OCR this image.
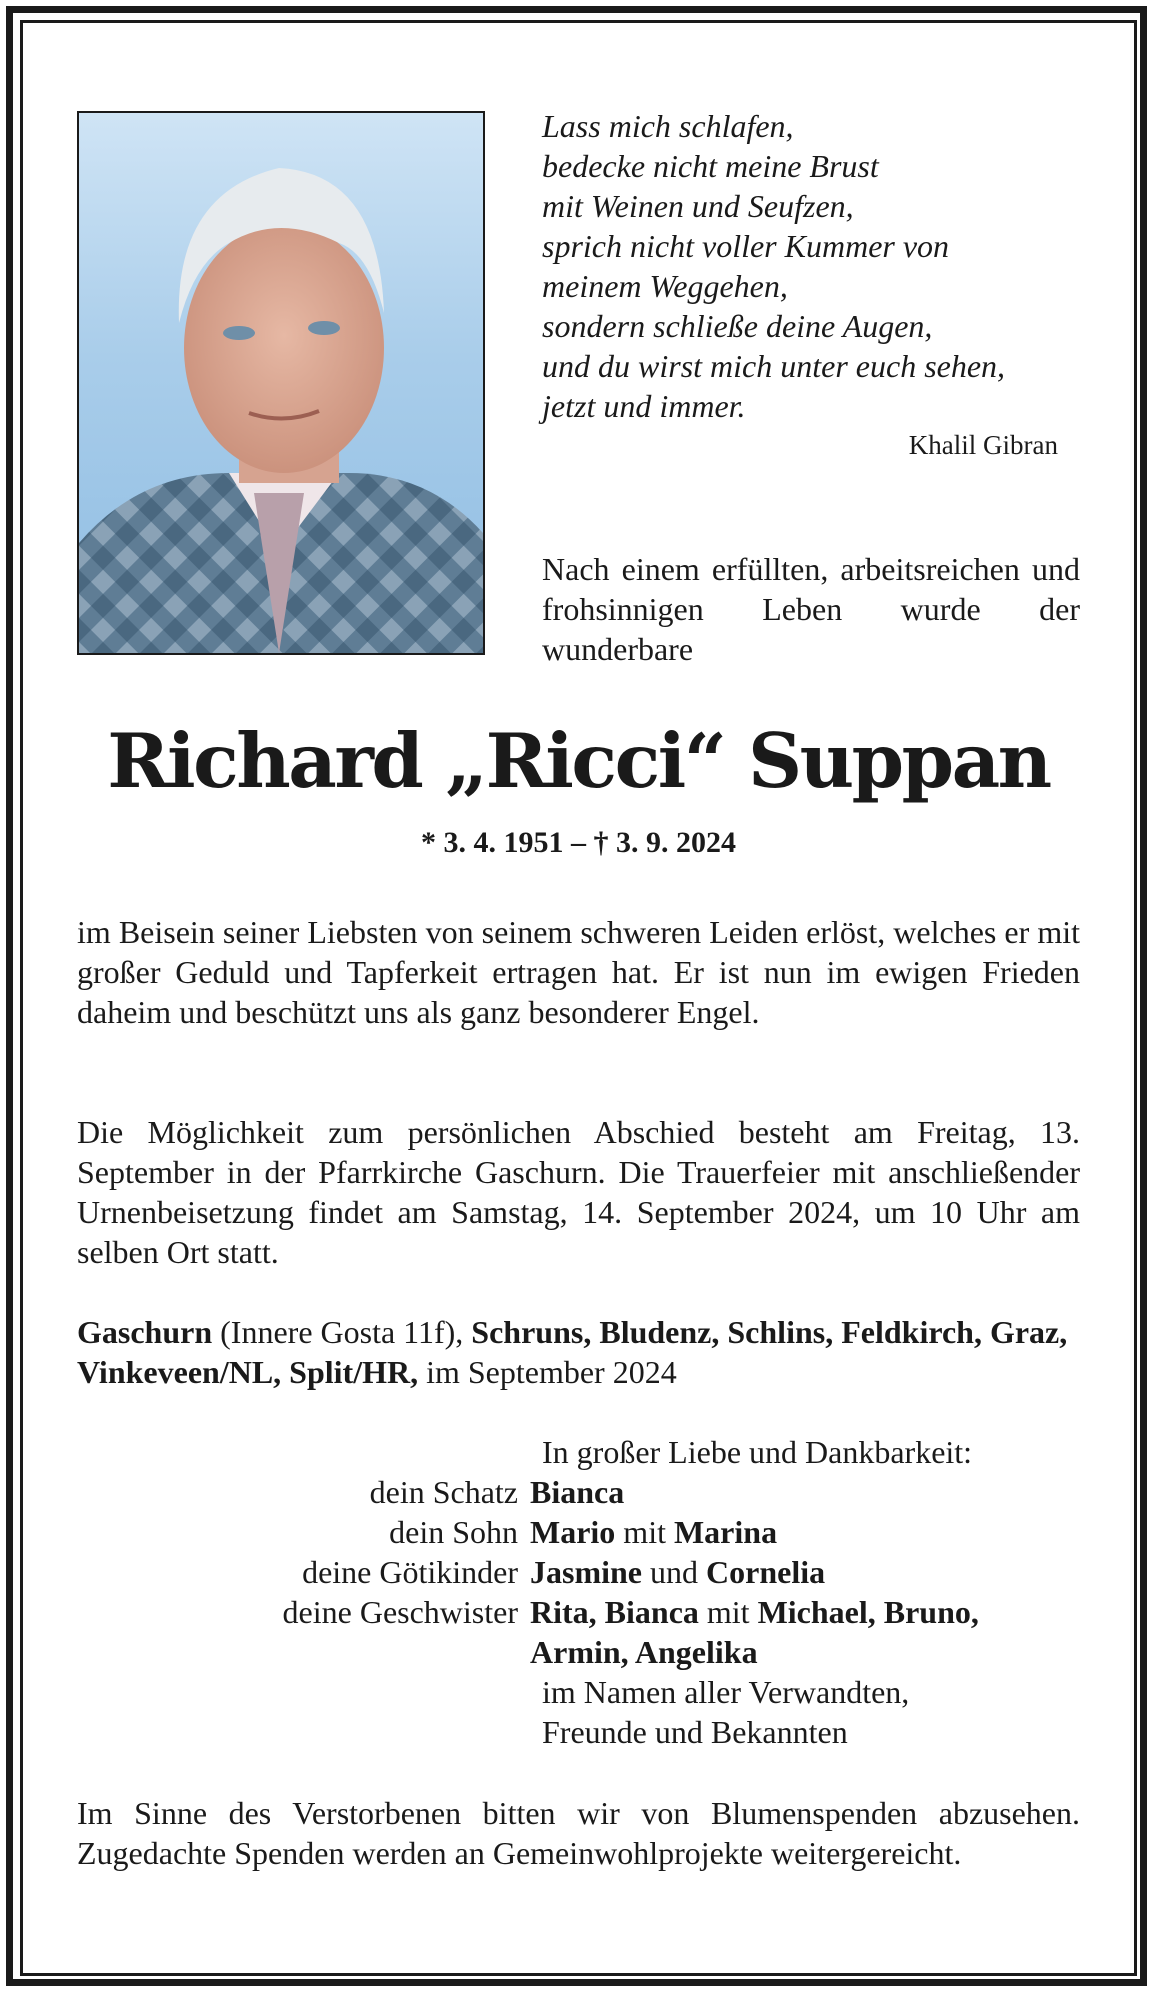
Lass mich schlafen,
bedecke nicht meine Brust
mit Weinen und Seufzen,
sprich nicht voller Kummer von
meinem Weggehen,
sondern schließe deine Augen,
und du wirst mich unter euch sehen,
jetzt und immer.
Khalil Gibran
Nach einem erfüllten, arbeitsreichen und frohsinnigen Leben wurde der wunderbare
Richard „Ricci“ Suppan
* 3. 4. 1951 – † 3. 9. 2024
im Beisein seiner Liebsten von seinem schweren Leiden erlöst, welches er mit großer Geduld und Tapferkeit ertragen hat. Er ist nun im ewigen Frieden daheim und beschützt uns als ganz besonderer Engel.
Die Möglichkeit zum persönlichen Abschied besteht am Freitag, 13. September in der Pfarrkirche Gaschurn. Die Trauerfeier mit anschließender Urnenbeisetzung findet am Samstag, 14. September 2024, um 10 Uhr am selben Ort statt.
Gaschurn (Innere Gosta 11f), Schruns, Bludenz, Schlins, Feldkirch, Graz, Vinkeveen/NL, Split/HR, im September 2024
In großer Liebe und Dankbarkeit:
dein Schatz Bianca
dein Sohn Mario mit Marina
deine Götikinder Jasmine und Cornelia
deine Geschwister Rita, Bianca mit Michael, Bruno,
Armin, Angelika
im Namen aller Verwandten,
Freunde und Bekannten
Im Sinne des Verstorbenen bitten wir von Blumenspenden abzusehen. Zugedachte Spenden werden an Gemeinwohlprojekte weitergereicht.
